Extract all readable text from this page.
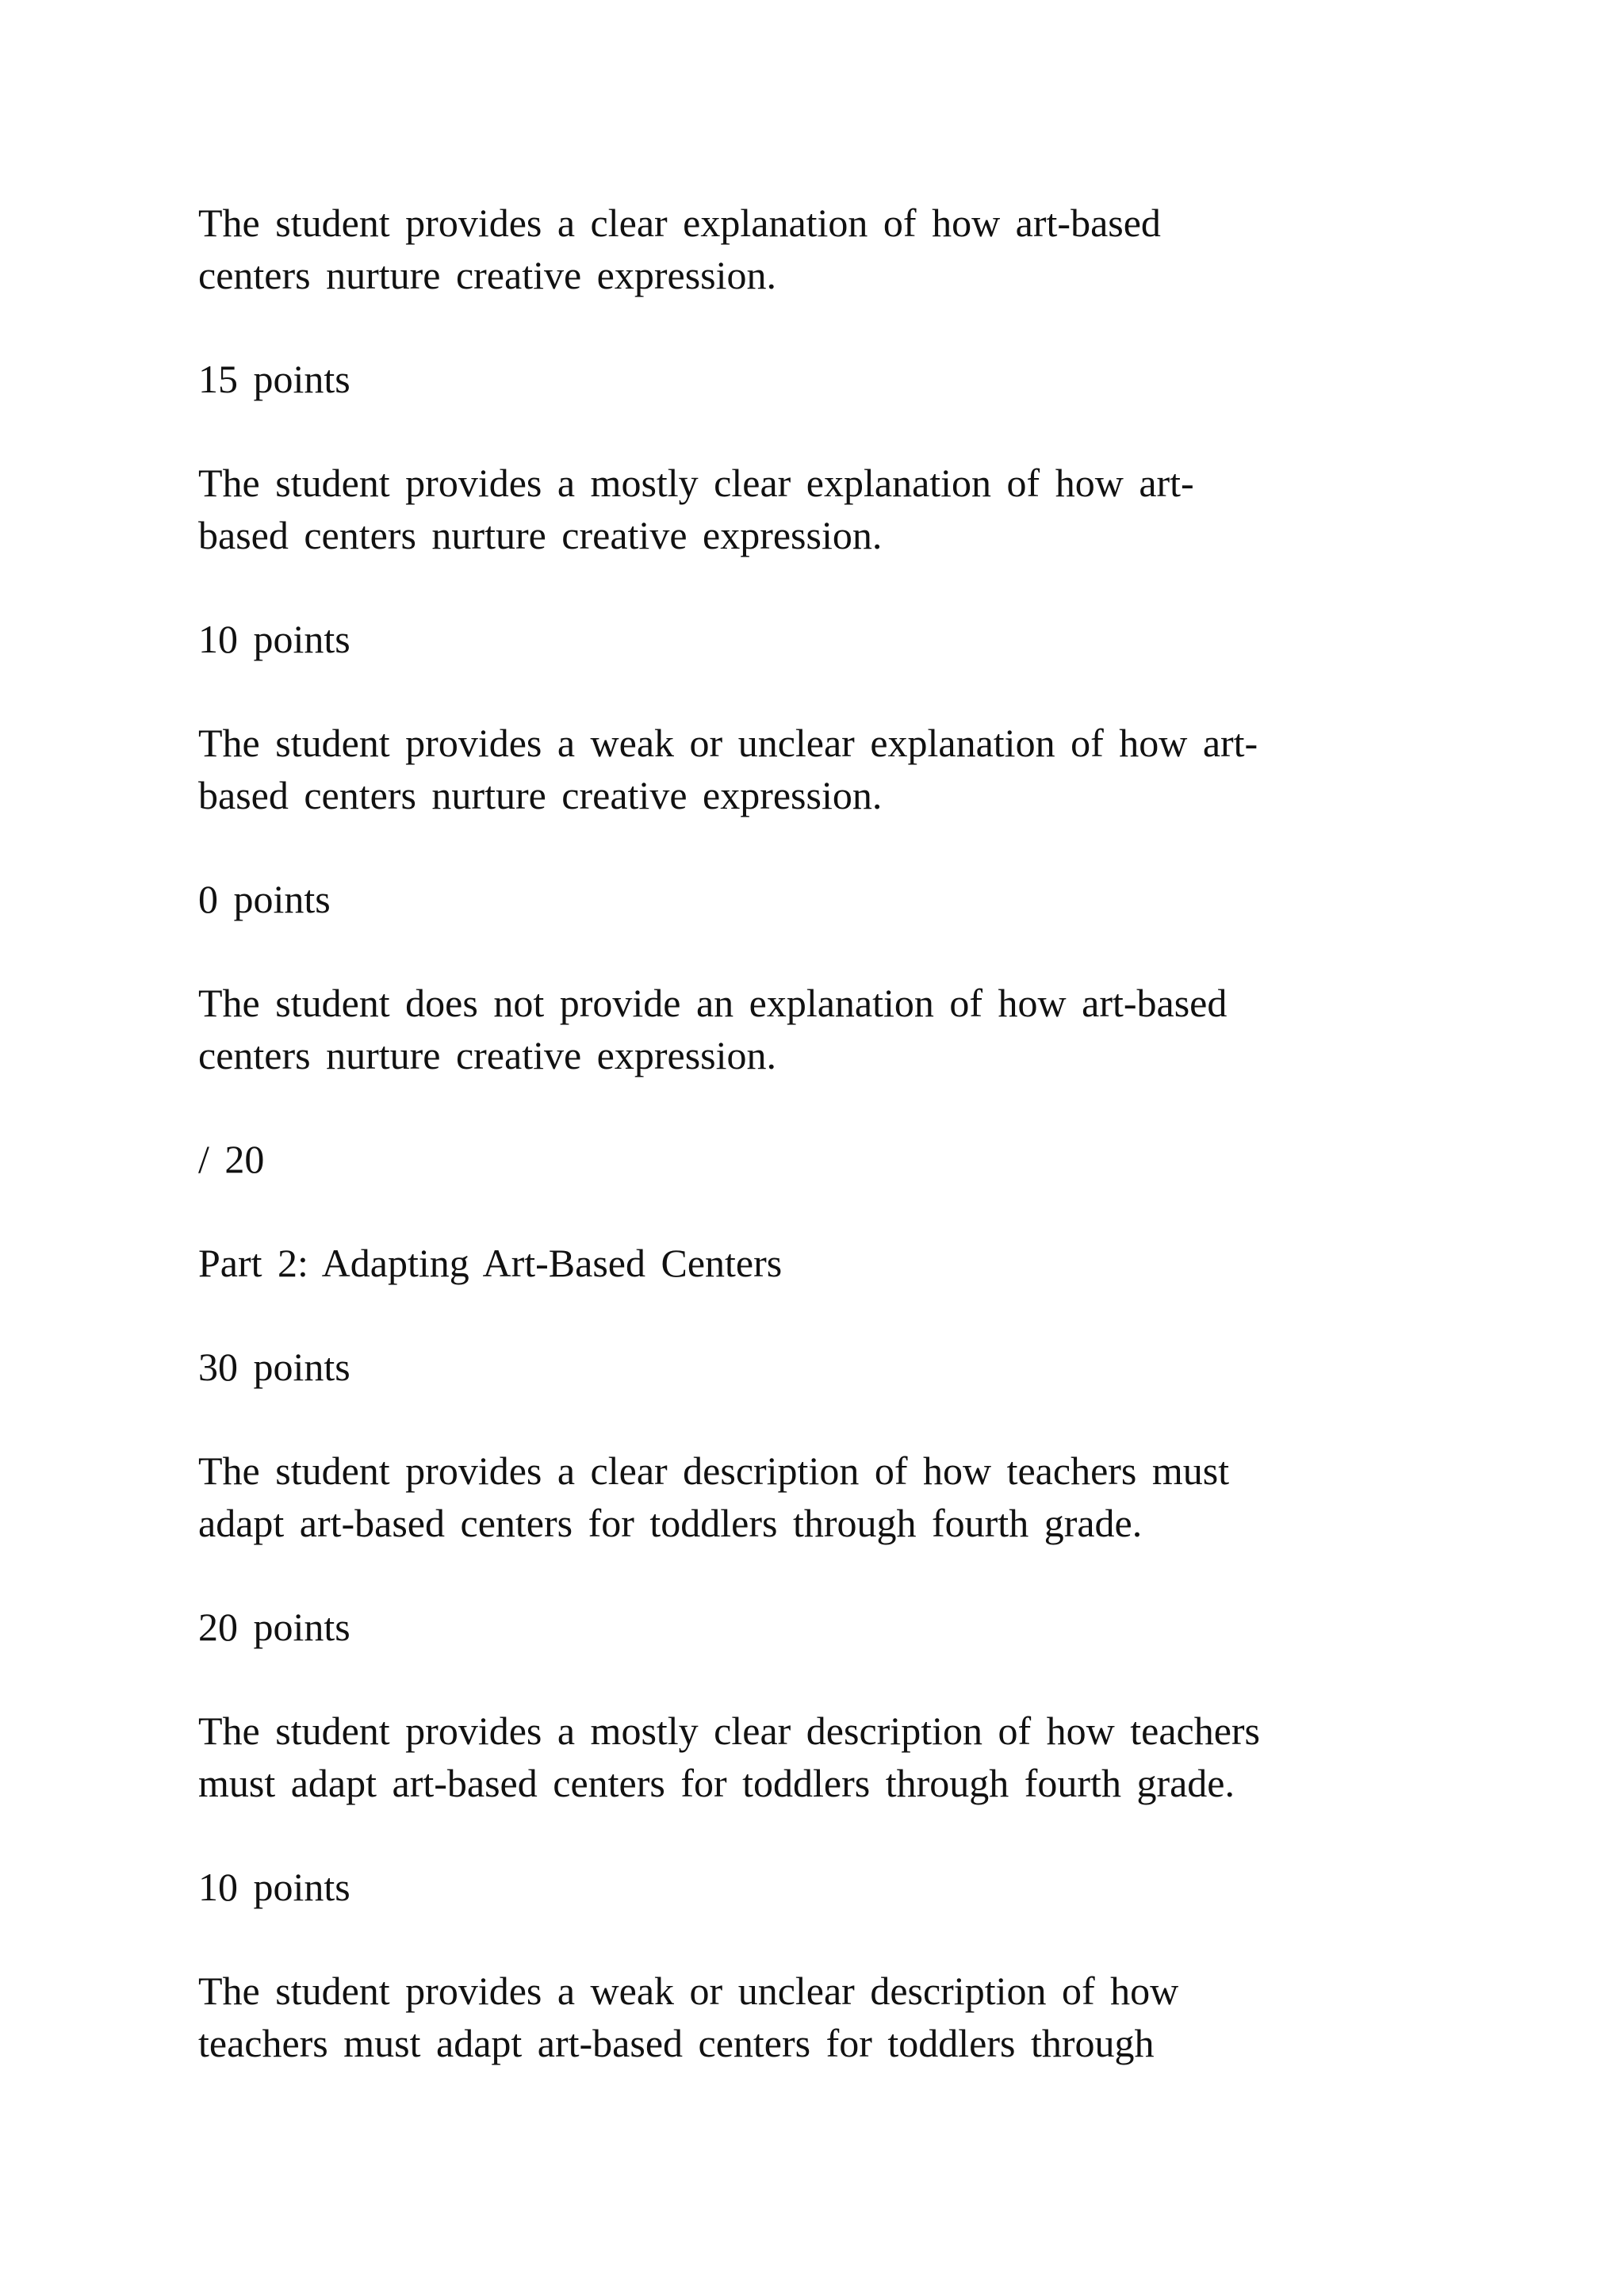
The student provides a clear explanation of how art-based
centers nurture creative expression.
15 points
The student provides a mostly clear explanation of how art-
based centers nurture creative expression.
10 points
The student provides a weak or unclear explanation of how art-
based centers nurture creative expression.
0 points
The student does not provide an explanation of how art-based
centers nurture creative expression.
/ 20
Part 2: Adapting Art-Based Centers
30 points
The student provides a clear description of how teachers must
adapt art-based centers for toddlers through fourth grade.
20 points
The student provides a mostly clear description of how teachers
must adapt art-based centers for toddlers through fourth grade.
10 points
The student provides a weak or unclear description of how
teachers must adapt art-based centers for toddlers through
